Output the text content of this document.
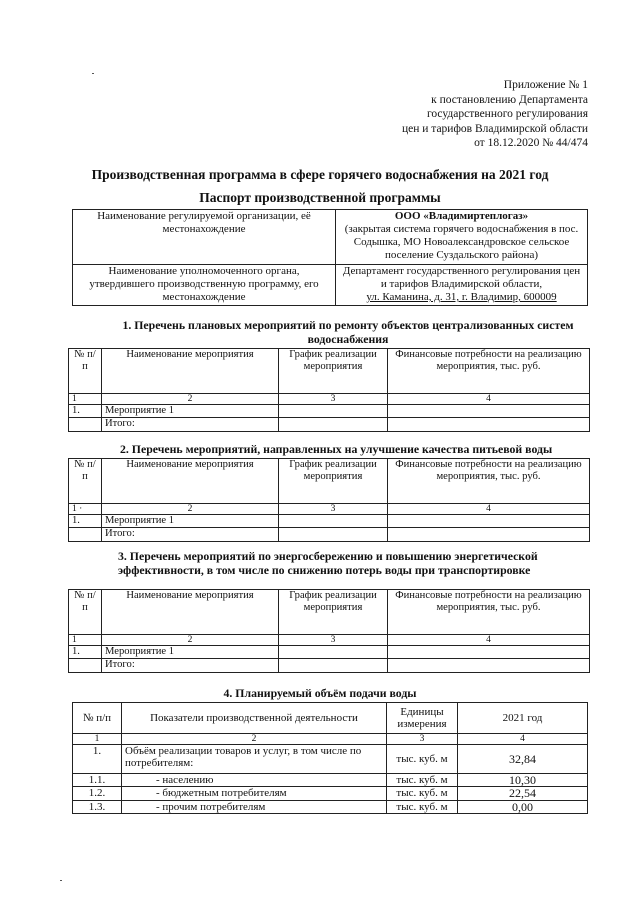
Приложение № 1
к постановлению Департамента
государственного регулирования
цен и тарифов Владимирской области
от 18.12.2020 № 44/474
Производственная программа в сфере горячего водоснабжения на 2021 год
Паспорт производственной программы
Наименование регулируемой организации, её местонахождение	ООО «Владимиртеплогаз»
(закрытая система горячего водоснабжения в пос. Содышка, МО Новоалександровское сельское поселение Суздальского района)

Наименование уполномоченного органа, утвердившего производственную программу, его местонахождение	Департамент государственного регулирования цен и тарифов Владимирской области,
ул. Каманина, д. 31, г. Владимир, 600009
1. Перечень плановых мероприятий по ремонту объектов централизованных систем водоснабжения
№ п/п	Наименование мероприятия	График реализации мероприятия	Финансовые потребности на реализацию мероприятия, тыс. руб.
1	2	3	4
1.	Мероприятие 1		
	Итого:		
2. Перечень мероприятий, направленных на улучшение качества питьевой воды
№ п/п	Наименование мероприятия	График реализации мероприятия	Финансовые потребности на реализацию мероприятия, тыс. руб.
1 ·	2	3	4
1.	Мероприятие 1		
	Итого:		
3. Перечень мероприятий по энергосбережению и повышению энергетической эффективности, в том числе по снижению потерь воды при транспортировке
№ п/п	Наименование мероприятия	График реализации мероприятия	Финансовые потребности на реализацию мероприятия, тыс. руб.
1	2	3	4
1.	Мероприятие 1		
	Итого:		
4. Планируемый объём подачи воды
№ п/п	Показатели производственной деятельности	Единицы измерения	2021 год
1	2	3	4
1.	Объём реализации товаров и услуг, в том числе по потребителям:	тыс. куб. м	32,84
1.1.	- населению	тыс. куб. м	10,30
1.2.	- бюджетным потребителям	тыс. куб. м	22,54
1.3.	- прочим потребителям	тыс. куб. м	0,00
